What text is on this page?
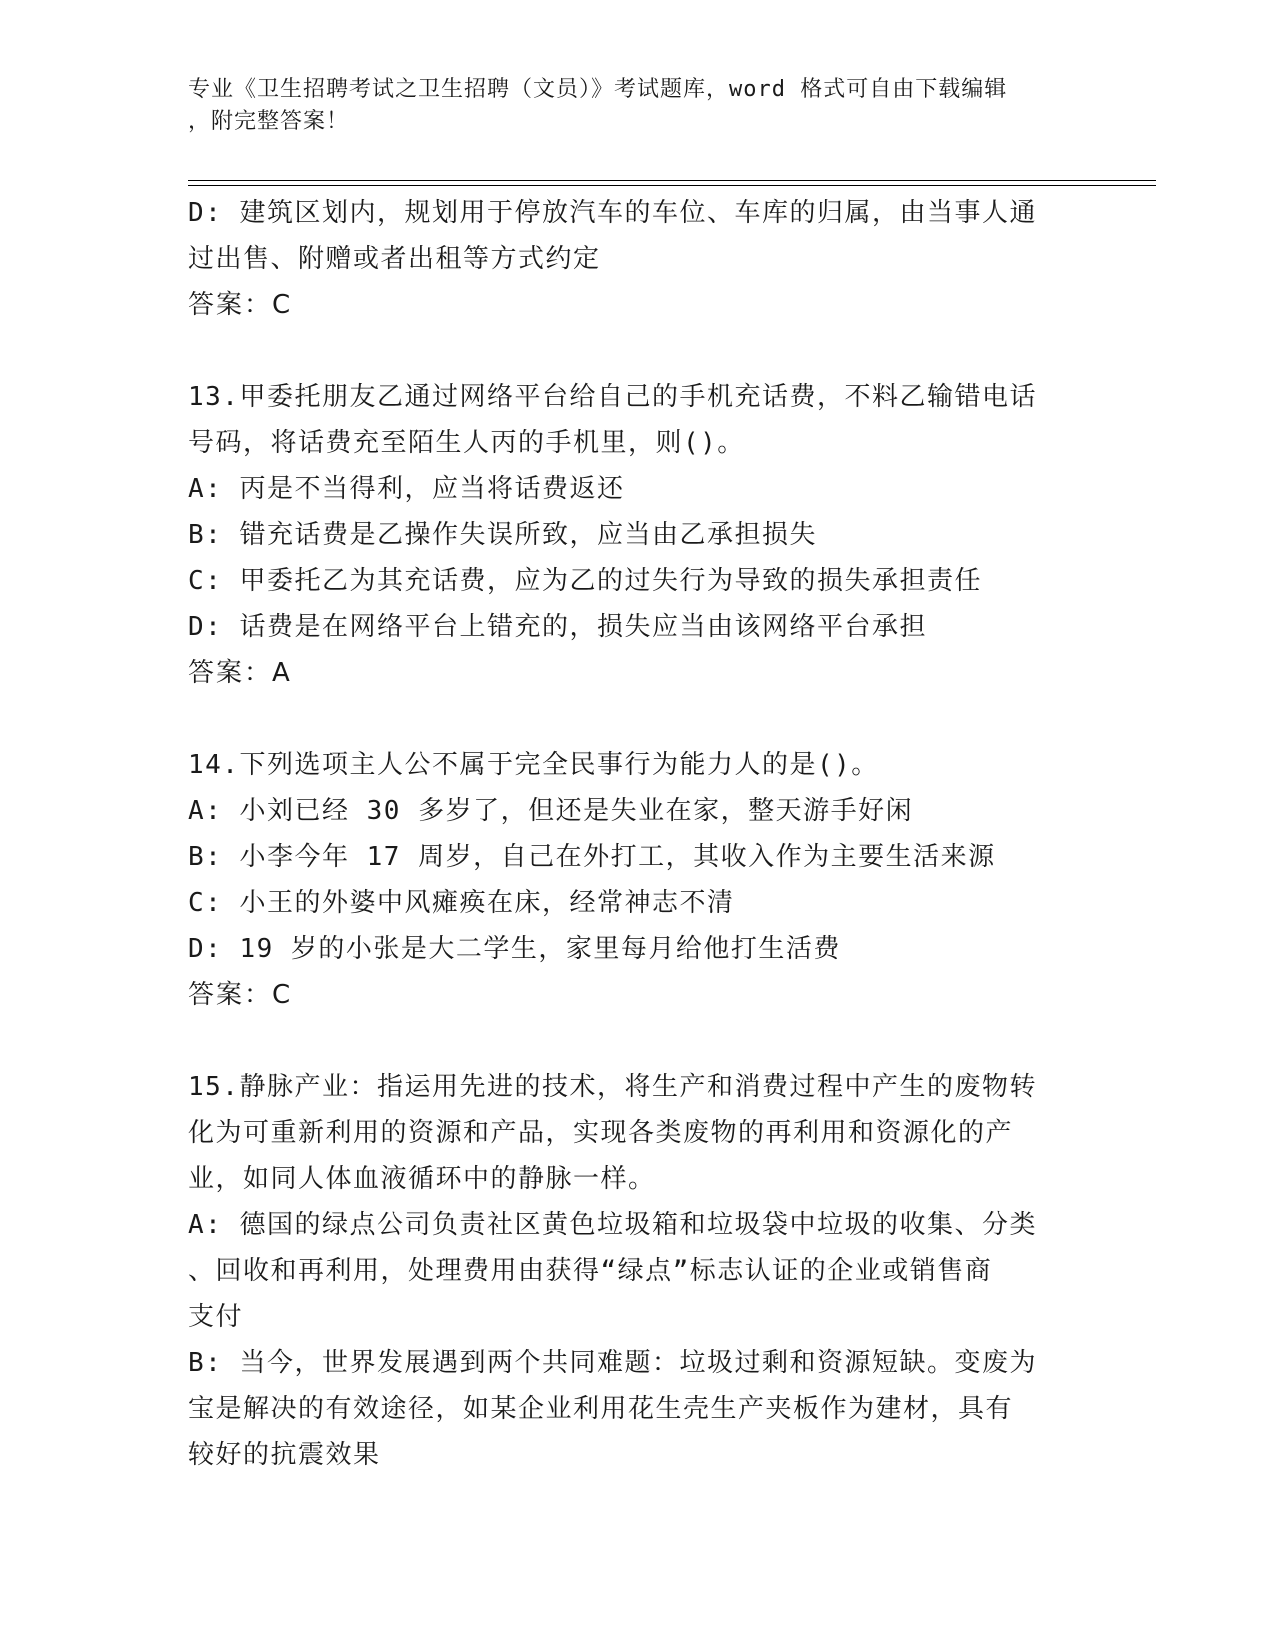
专业《卫生招聘考试之卫生招聘（文员）》考试题库，word 格式可自由下载编辑
，附完整答案！
D: 建筑区划内，规划用于停放汽车的车位、车库的归属，由当事人通
过出售、附赠或者出租等方式约定
答案：C
13.甲委托朋友乙通过网络平台给自己的手机充话费，不料乙输错电话
号码，将话费充至陌生人丙的手机里，则()。
A: 丙是不当得利，应当将话费返还
B: 错充话费是乙操作失误所致，应当由乙承担损失
C: 甲委托乙为其充话费，应为乙的过失行为导致的损失承担责任
D: 话费是在网络平台上错充的，损失应当由该网络平台承担
答案：A
14.下列选项主人公不属于完全民事行为能力人的是()。
A: 小刘已经 30 多岁了，但还是失业在家，整天游手好闲
B: 小李今年 17 周岁，自己在外打工，其收入作为主要生活来源
C: 小王的外婆中风瘫痪在床，经常神志不清
D: 19 岁的小张是大二学生，家里每月给他打生活费
答案：C
15.静脉产业：指运用先进的技术，将生产和消费过程中产生的废物转
化为可重新利用的资源和产品，实现各类废物的再利用和资源化的产
业，如同人体血液循环中的静脉一样。
A: 德国的绿点公司负责社区黄色垃圾箱和垃圾袋中垃圾的收集、分类
、回收和再利用，处理费用由获得“绿点”标志认证的企业或销售商
支付
B: 当今，世界发展遇到两个共同难题：垃圾过剩和资源短缺。变废为
宝是解决的有效途径，如某企业利用花生壳生产夹板作为建材，具有
较好的抗震效果
